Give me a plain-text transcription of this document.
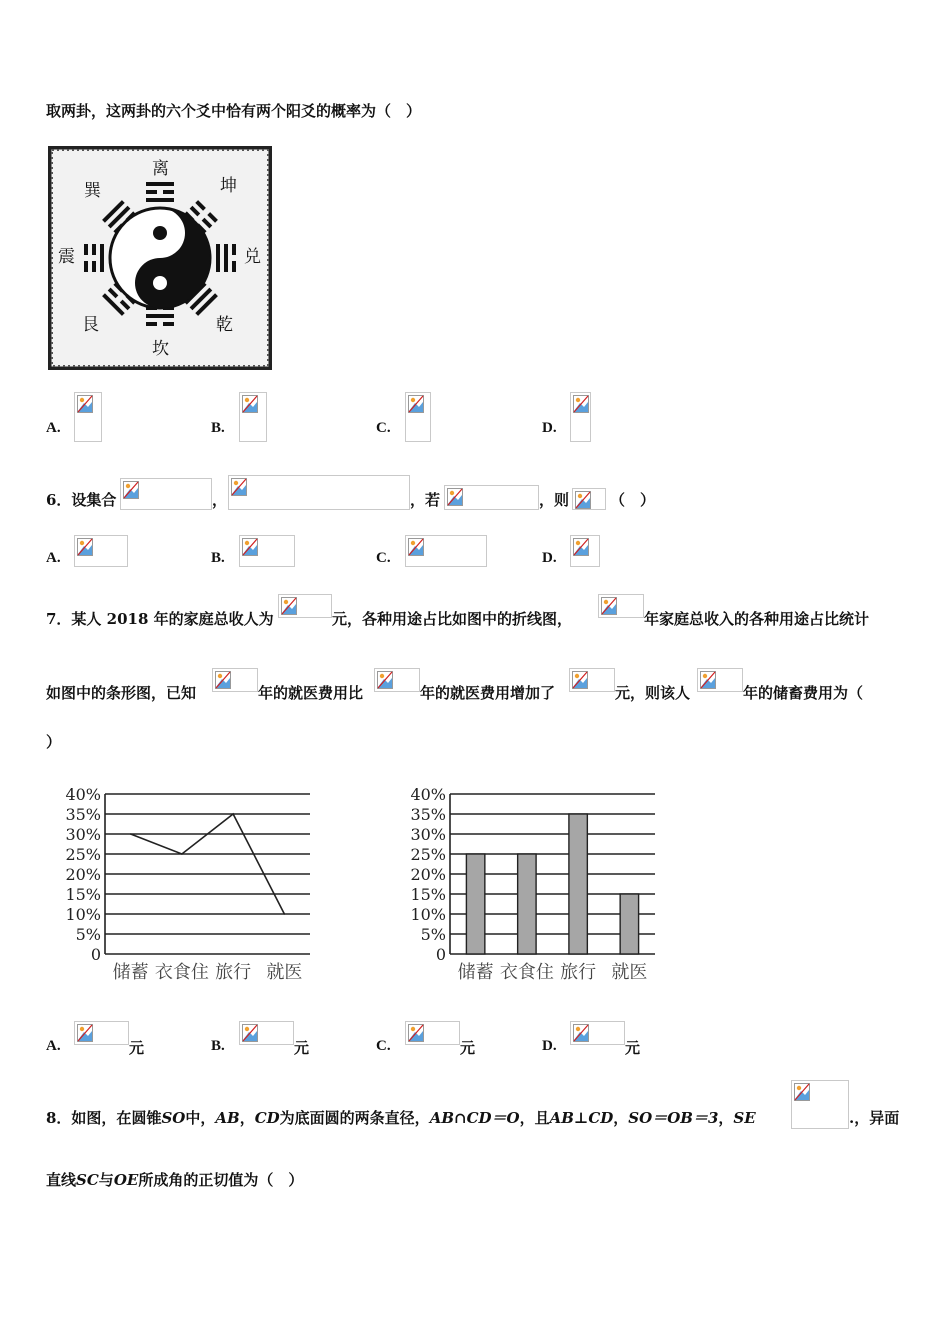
取两卦，这两卦的六个爻中恰有两个阳爻的概率为（　）
离
坤
兑
乾
坎
艮
震
巽
A.	B.	C.	D.
6．设集合	，	，若	，则	（　）
A.	B.	C.	D.
7．某人 2018 年的家庭总收人为	元，各种用途占比如图中的折线图，	年家庭总收入的各种用途占比统计
如图中的条形图，已知	年的就医费用比	年的就医费用增加了	元，则该人	年的储畜费用为（
）
0
5%
10%
15%
20%
25%
30%
35%
40%
储蓄 衣食住 旅行 就医
0
5%
10%
15%
20%
25%
30%
35%
40%
储蓄 衣食住 旅行 就医
A.	元	B.	元	C.	元	D.	元
8．如图，在圆锥SO中，AB，CD为底面圆的两条直径，AB∩CD＝O，且AB⊥CD，SO＝OB＝3，SE	.，异面
直线SC与OE所成角的正切值为（　）
